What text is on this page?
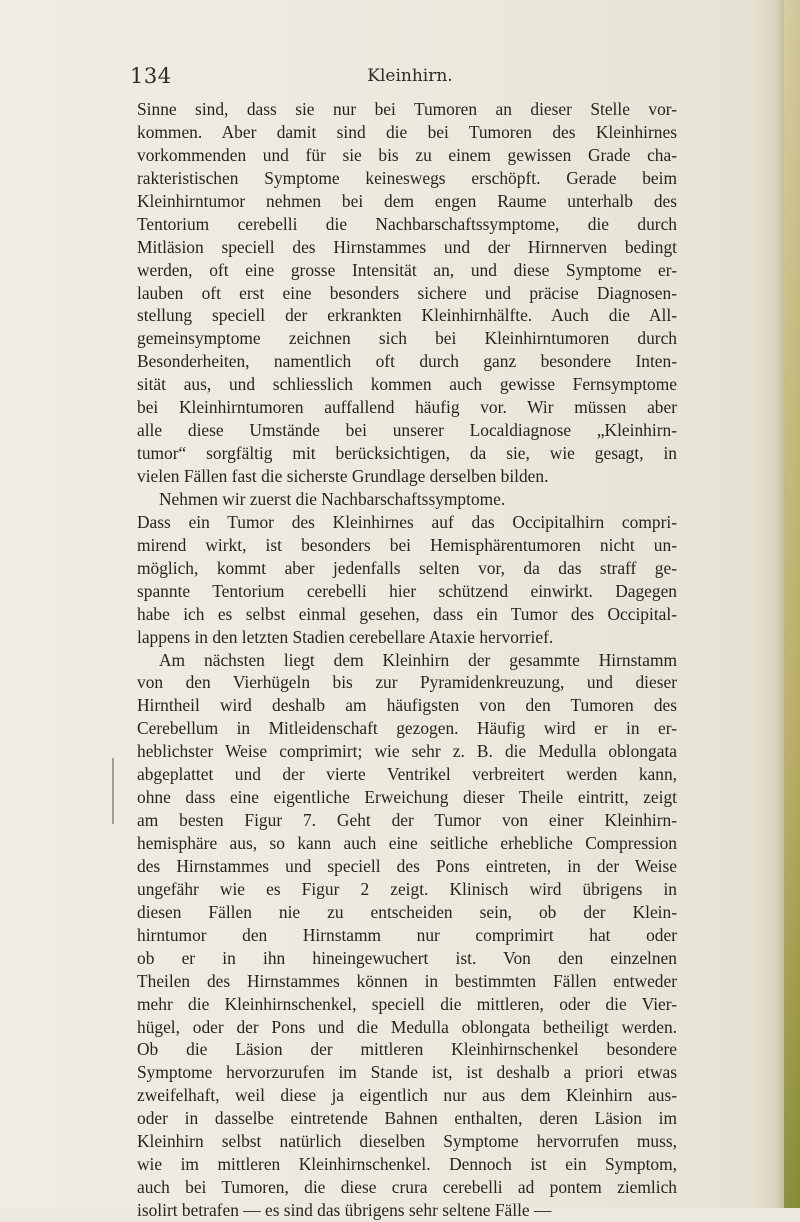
134	Kleinhirn.
Sinne sind, dass sie nur bei Tumoren an dieser Stelle vor-
kommen. Aber damit sind die bei Tumoren des Kleinhirnes
vorkommenden und für sie bis zu einem gewissen Grade cha-
rakteristischen Symptome keineswegs erschöpft. Gerade beim
Kleinhirntumor nehmen bei dem engen Raume unterhalb des
Tentorium cerebelli die Nachbarschaftssymptome, die durch
Mitläsion speciell des Hirnstammes und der Hirnnerven bedingt
werden, oft eine grosse Intensität an, und diese Symptome er-
lauben oft erst eine besonders sichere und präcise Diagnosen-
stellung speciell der erkrankten Kleinhirnhälfte. Auch die All-
gemeinsymptome zeichnen sich bei Kleinhirntumoren durch
Besonderheiten, namentlich oft durch ganz besondere Inten-
sität aus, und schliesslich kommen auch gewisse Fernsymptome
bei Kleinhirntumoren auffallend häufig vor. Wir müssen aber
alle diese Umstände bei unserer Localdiagnose „Kleinhirn-
tumor“ sorgfältig mit berücksichtigen, da sie, wie gesagt, in
vielen Fällen fast die sicherste Grundlage derselben bilden.
Nehmen wir zuerst die Nachbarschaftssymptome.
Dass ein Tumor des Kleinhirnes auf das Occipitalhirn compri-
mirend wirkt, ist besonders bei Hemisphärentumoren nicht un-
möglich, kommt aber jedenfalls selten vor, da das straff ge-
spannte Tentorium cerebelli hier schützend einwirkt. Dagegen
habe ich es selbst einmal gesehen, dass ein Tumor des Occipital-
lappens in den letzten Stadien cerebellare Ataxie hervorrief.
Am nächsten liegt dem Kleinhirn der gesammte Hirnstamm
von den Vierhügeln bis zur Pyramidenkreuzung, und dieser
Hirntheil wird deshalb am häufigsten von den Tumoren des
Cerebellum in Mitleidenschaft gezogen. Häufig wird er in er-
heblichster Weise comprimirt; wie sehr z. B. die Medulla oblongata
abgeplattet und der vierte Ventrikel verbreitert werden kann,
ohne dass eine eigentliche Erweichung dieser Theile eintritt, zeigt
am besten Figur 7. Geht der Tumor von einer Kleinhirn-
hemisphäre aus, so kann auch eine seitliche erhebliche Compression
des Hirnstammes und speciell des Pons eintreten, in der Weise
ungefähr wie es Figur 2 zeigt. Klinisch wird übrigens in
diesen Fällen nie zu entscheiden sein, ob der Klein-
hirntumor den Hirnstamm nur comprimirt hat oder
ob er in ihn hineingewuchert ist. Von den einzelnen
Theilen des Hirnstammes können in bestimmten Fällen entweder
mehr die Kleinhirnschenkel, speciell die mittleren, oder die Vier-
hügel, oder der Pons und die Medulla oblongata betheiligt werden.
Ob die Läsion der mittleren Kleinhirnschenkel besondere
Symptome hervorzurufen im Stande ist, ist deshalb a priori etwas
zweifelhaft, weil diese ja eigentlich nur aus dem Kleinhirn aus-
oder in dasselbe eintretende Bahnen enthalten, deren Läsion im
Kleinhirn selbst natürlich dieselben Symptome hervorrufen muss,
wie im mittleren Kleinhirnschenkel. Dennoch ist ein Symptom,
auch bei Tumoren, die diese crura cerebelli ad pontem ziemlich
isolirt betrafen — es sind das übrigens sehr seltene Fälle —
